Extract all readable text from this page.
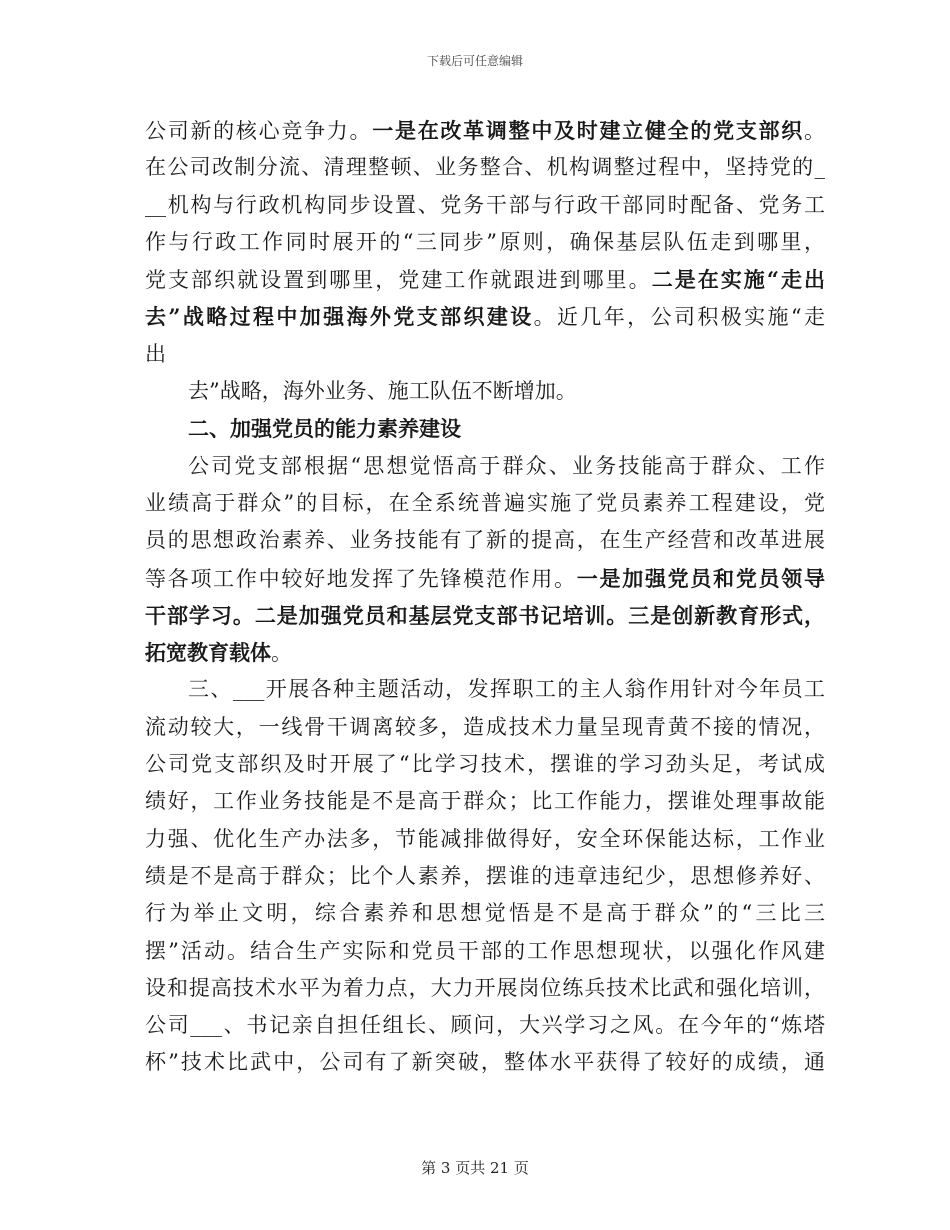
下载后可任意编辑
公司新的核心竞争力。一是在改革调整中及时建立健全的党支部织。
在公司改制分流、清理整顿、业务整合、机构调整过程中，坚持党的_
__机构与行政机构同步设置、党务干部与行政干部同时配备、党务工
作与行政工作同时展开的“三同步”原则，确保基层队伍走到哪里，
党支部织就设置到哪里，党建工作就跟进到哪里。二是在实施“走出
去”战略过程中加强海外党支部织建设。近几年，公司积极实施“走
出
去”战略，海外业务、施工队伍不断增加。
二、加强党员的能力素养建设
公司党支部根据“思想觉悟高于群众、业务技能高于群众、工作
业绩高于群众”的目标，在全系统普遍实施了党员素养工程建设，党
员的思想政治素养、业务技能有了新的提高，在生产经营和改革进展
等各项工作中较好地发挥了先锋模范作用。一是加强党员和党员领导
干部学习。二是加强党员和基层党支部书记培训。三是创新教育形式，
拓宽教育载体。
三、___开展各种主题活动，发挥职工的主人翁作用针对今年员工
流动较大，一线骨干调离较多，造成技术力量呈现青黄不接的情况，
公司党支部织及时开展了“比学习技术，摆谁的学习劲头足，考试成
绩好，工作业务技能是不是高于群众；比工作能力，摆谁处理事故能
力强、优化生产办法多，节能减排做得好，安全环保能达标，工作业
绩是不是高于群众；比个人素养，摆谁的违章违纪少，思想修养好、
行为举止文明，综合素养和思想觉悟是不是高于群众”的“三比三
摆”活动。结合生产实际和党员干部的工作思想现状，以强化作风建
设和提高技术水平为着力点，大力开展岗位练兵技术比武和强化培训，
公司___、书记亲自担任组长、顾问，大兴学习之风。在今年的“炼塔
杯”技术比武中，公司有了新突破，整体水平获得了较好的成绩，通
第 3 页共 21 页
